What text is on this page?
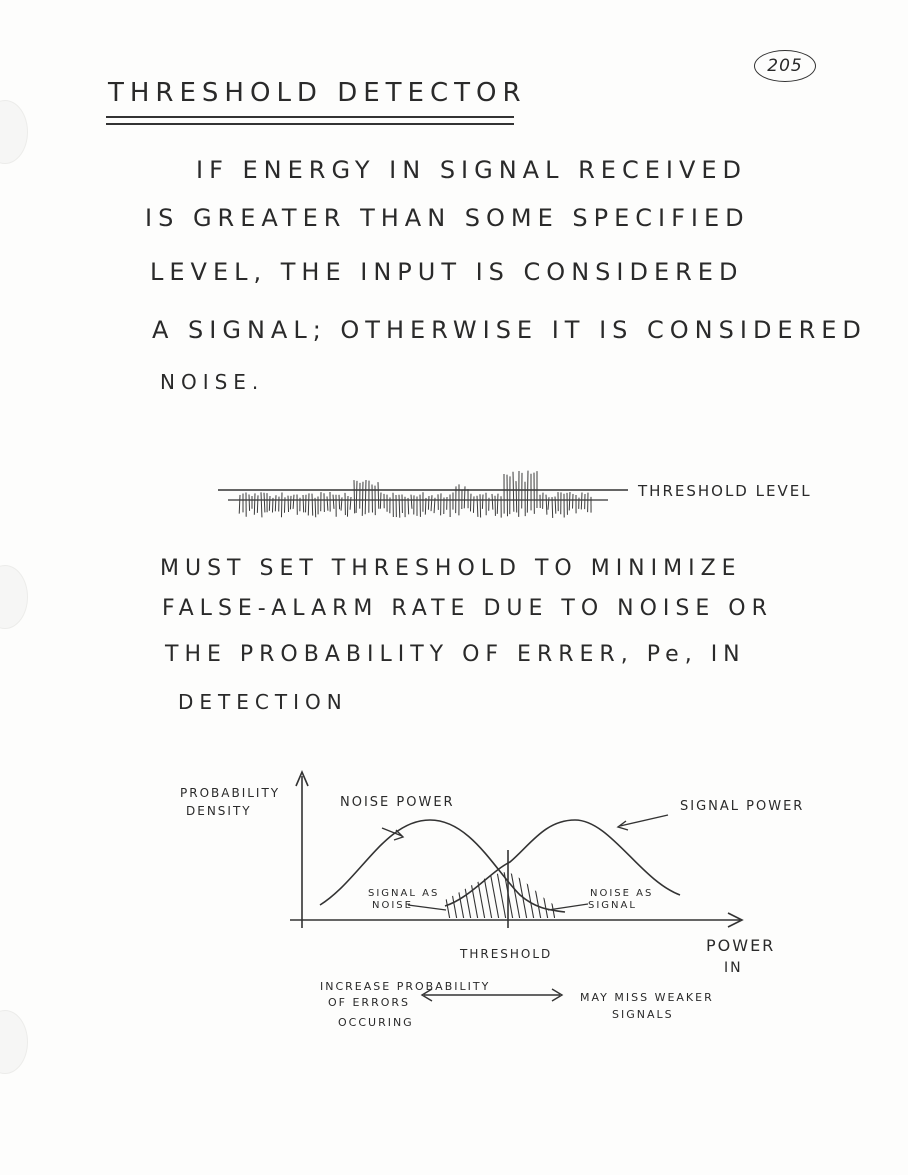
205
THRESHOLD DETECTOR
IF ENERGY IN SIGNAL RECEIVED
IS GREATER THAN SOME SPECIFIED
LEVEL, THE INPUT IS CONSIDERED
A SIGNAL; OTHERWISE IT IS CONSIDERED
NOISE.
THRESHOLD LEVEL
MUST SET THRESHOLD TO MINIMIZE
FALSE-ALARM RATE DUE TO NOISE OR
THE PROBABILITY OF ERRER, Pe, IN
DETECTION
PROBABILITY
DENSITY
NOISE POWER	SIGNAL POWER
SIGNAL AS
NOISE
NOISE AS
SIGNAL
THRESHOLD	POWER
IN
INCREASE PROBABILITY
OF ERRORS
OCCURING
MAY MISS WEAKER
SIGNALS
